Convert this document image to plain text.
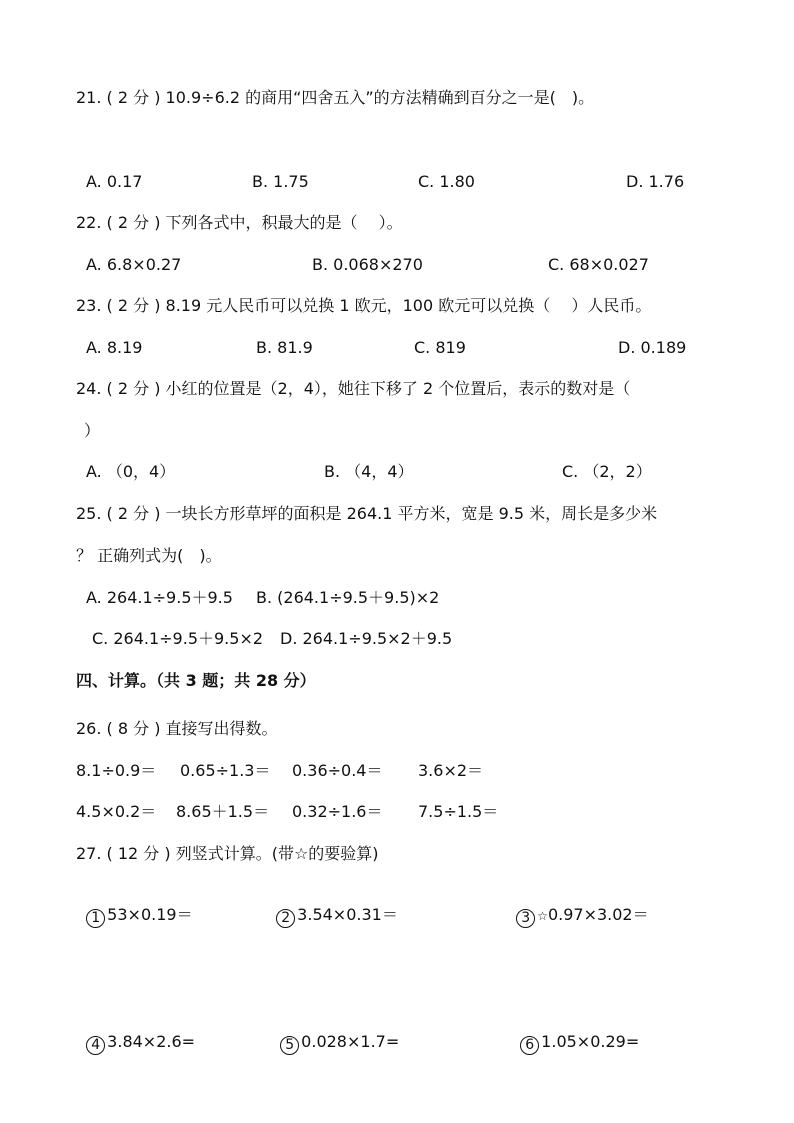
21. ( 2 分 ) 10.9÷6.2 的商用“四舍五入”的方法精确到百分之一是(　)。
A. 0.17	B. 1.75	C. 1.80	D. 1.76
22. ( 2 分 ) 下列各式中，积最大的是（　 ）。
A. 6.8×0.27	B. 0.068×270	C. 68×0.027
23. ( 2 分 ) 8.19 元人民币可以兑换 1 欧元，100 欧元可以兑换（　 ）人民币。
A. 8.19	B. 81.9	C. 819	D. 0.189
24. ( 2 分 ) 小红的位置是（2，4），她往下移了 2 个位置后，表示的数对是（
）
A. （0，4）	B. （4，4）	C. （2，2）
25. ( 2 分 ) 一块长方形草坪的面积是 264.1 平方米，宽是 9.5 米，周长是多少米
？ 正确列式为(　)。
A. 264.1÷9.5＋9.5 B. (264.1÷9.5＋9.5)×2
C. 264.1÷9.5＋9.5×2 D. 264.1÷9.5×2＋9.5
四、计算。（共 3 题；共 28 分）
26. ( 8 分 ) 直接写出得数。
8.1÷0.9＝ 0.65÷1.3＝ 0.36÷0.4＝ 3.6×2＝
4.5×0.2＝ 8.65＋1.5＝ 0.32÷1.6＝ 7.5÷1.5＝
27. ( 12 分 ) 列竖式计算。(带☆的要验算)

1 53×0.19＝	2 3.54×0.31＝	3 ☆0.97×3.02＝

4 3.84×2.6=	5 0.028×1.7=	6 1.05×0.29=
